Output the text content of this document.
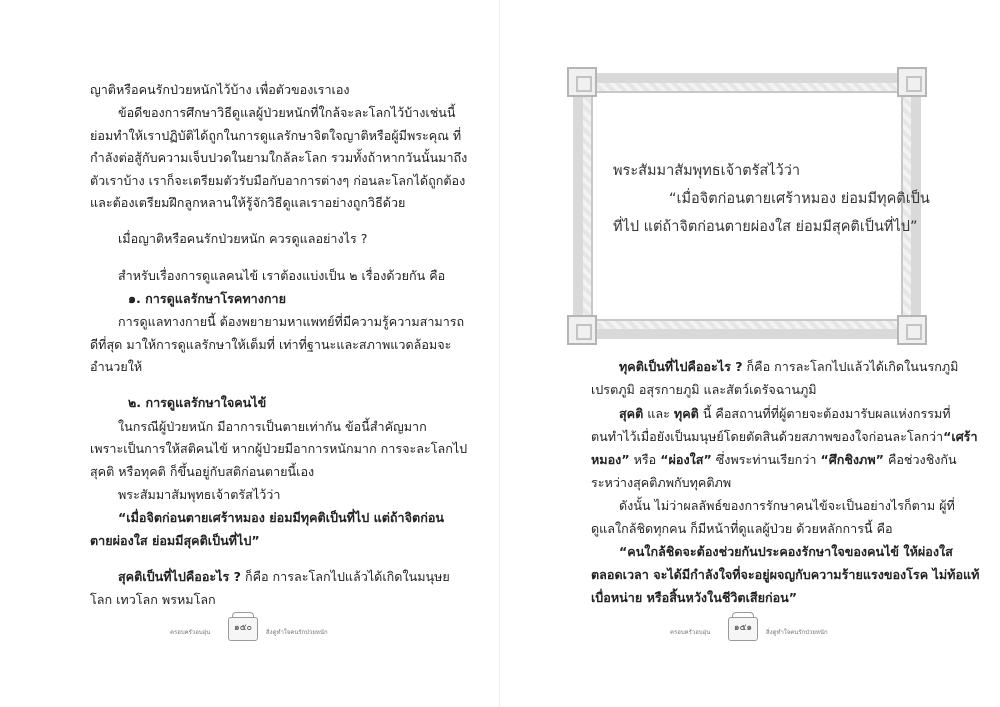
ญาติหรือคนรักป่วยหนักไว้บ้าง เพื่อตัวของเราเอง

ข้อดีของการศึกษาวิธีดูแลผู้ป่วยหนักที่ใกล้จะละโลกไว้บ้างเช่นนี้

ย่อมทำให้เราปฏิบัติได้ถูกในการดูแลรักษาจิตใจญาติหรือผู้มีพระคุณ ที่

กำลังต่อสู้กับความเจ็บปวดในยามใกล้ละโลก รวมทั้งถ้าหากวันนั้นมาถึง

ตัวเราบ้าง เราก็จะเตรียมตัวรับมือกับอาการต่างๆ ก่อนละโลกได้ถูกต้อง

และต้องเตรียมฝึกลูกหลานให้รู้จักวิธีดูแลเราอย่างถูกวิธีด้วย

เมื่อญาติหรือคนรักป่วยหนัก ควรดูแลอย่างไร ?

สำหรับเรื่องการดูแลคนไข้ เราต้องแบ่งเป็น ๒ เรื่องด้วยกัน คือ

๑. การดูแลรักษาโรคทางกาย

การดูแลทางกายนี้ ต้องพยายามหาแพทย์ที่มีความรู้ความสามารถ

ดีที่สุด มาให้การดูแลรักษาให้เต็มที่ เท่าที่ฐานะและสภาพแวดล้อมจะ

อำนวยให้

๒. การดูแลรักษาใจคนไข้

ในกรณีผู้ป่วยหนัก มีอาการเป็นตายเท่ากัน ข้อนี้สำคัญมาก

เพราะเป็นการให้สติคนไข้ หากผู้ป่วยมีอาการหนักมาก การจะละโลกไป

สุคติ หรือทุคติ ก็ขึ้นอยู่กับสติก่อนตายนี้เอง

พระสัมมาสัมพุทธเจ้าตรัสไว้ว่า

“เมื่อจิตก่อนตายเศร้าหมอง ย่อมมีทุคติเป็นที่ไป แต่ถ้าจิตก่อน

ตายผ่องใส ย่อมมีสุคติเป็นที่ไป”

สุคติเป็นที่ไปคืออะไร ? ก็คือ การละโลกไปแล้วได้เกิดในมนุษย

โลก เทวโลก พรหมโลก

ครอบครัวอบอุ่น	๑๕๐	สิ่งดูทำใจคนรักป่วยหนัก
พระสัมมาสัมพุทธเจ้าตรัสไว้ว่า
“เมื่อจิตก่อนตายเศร้าหมอง ย่อมมีทุคติเป็น
ที่ไป แต่ถ้าจิตก่อนตายผ่องใส ย่อมมีสุคติเป็นที่ไป”

ทุคติเป็นที่ไปคืออะไร ? ก็คือ การละโลกไปแล้วได้เกิดในนรกภูมิ

เปรตภูมิ อสุรกายภูมิ และสัตว์เดรัจฉานภูมิ

สุคติ และ ทุคติ นี้ คือสถานที่ที่ผู้ตายจะต้องมารับผลแห่งกรรมที่

ตนทำไว้เมื่อยังเป็นมนุษย์โดยตัดสินด้วยสภาพของใจก่อนละโลกว่า“เศร้า

หมอง” หรือ “ผ่องใส” ซึ่งพระท่านเรียกว่า “ศึกชิงภพ” คือช่วงชิงกัน

ระหว่างสุคติภพกับทุคติภพ

ดังนั้น ไม่ว่าผลลัพธ์ของการรักษาคนไข้จะเป็นอย่างไรก็ตาม ผู้ที่

ดูแลใกล้ชิดทุกคน ก็มีหน้าที่ดูแลผู้ป่วย ด้วยหลักการนี้ คือ

“คนใกล้ชิดจะต้องช่วยกันประคองรักษาใจของคนไข้ ให้ผ่องใส

ตลอดเวลา จะได้มีกำลังใจที่จะอยู่ผจญกับความร้ายแรงของโรค ไม่ท้อแท้

เบื่อหน่าย หรือสิ้นหวังในชีวิตเสียก่อน”

ครอบครัวอบอุ่น	๑๕๑	สิ่งดูทำใจคนรักป่วยหนัก
